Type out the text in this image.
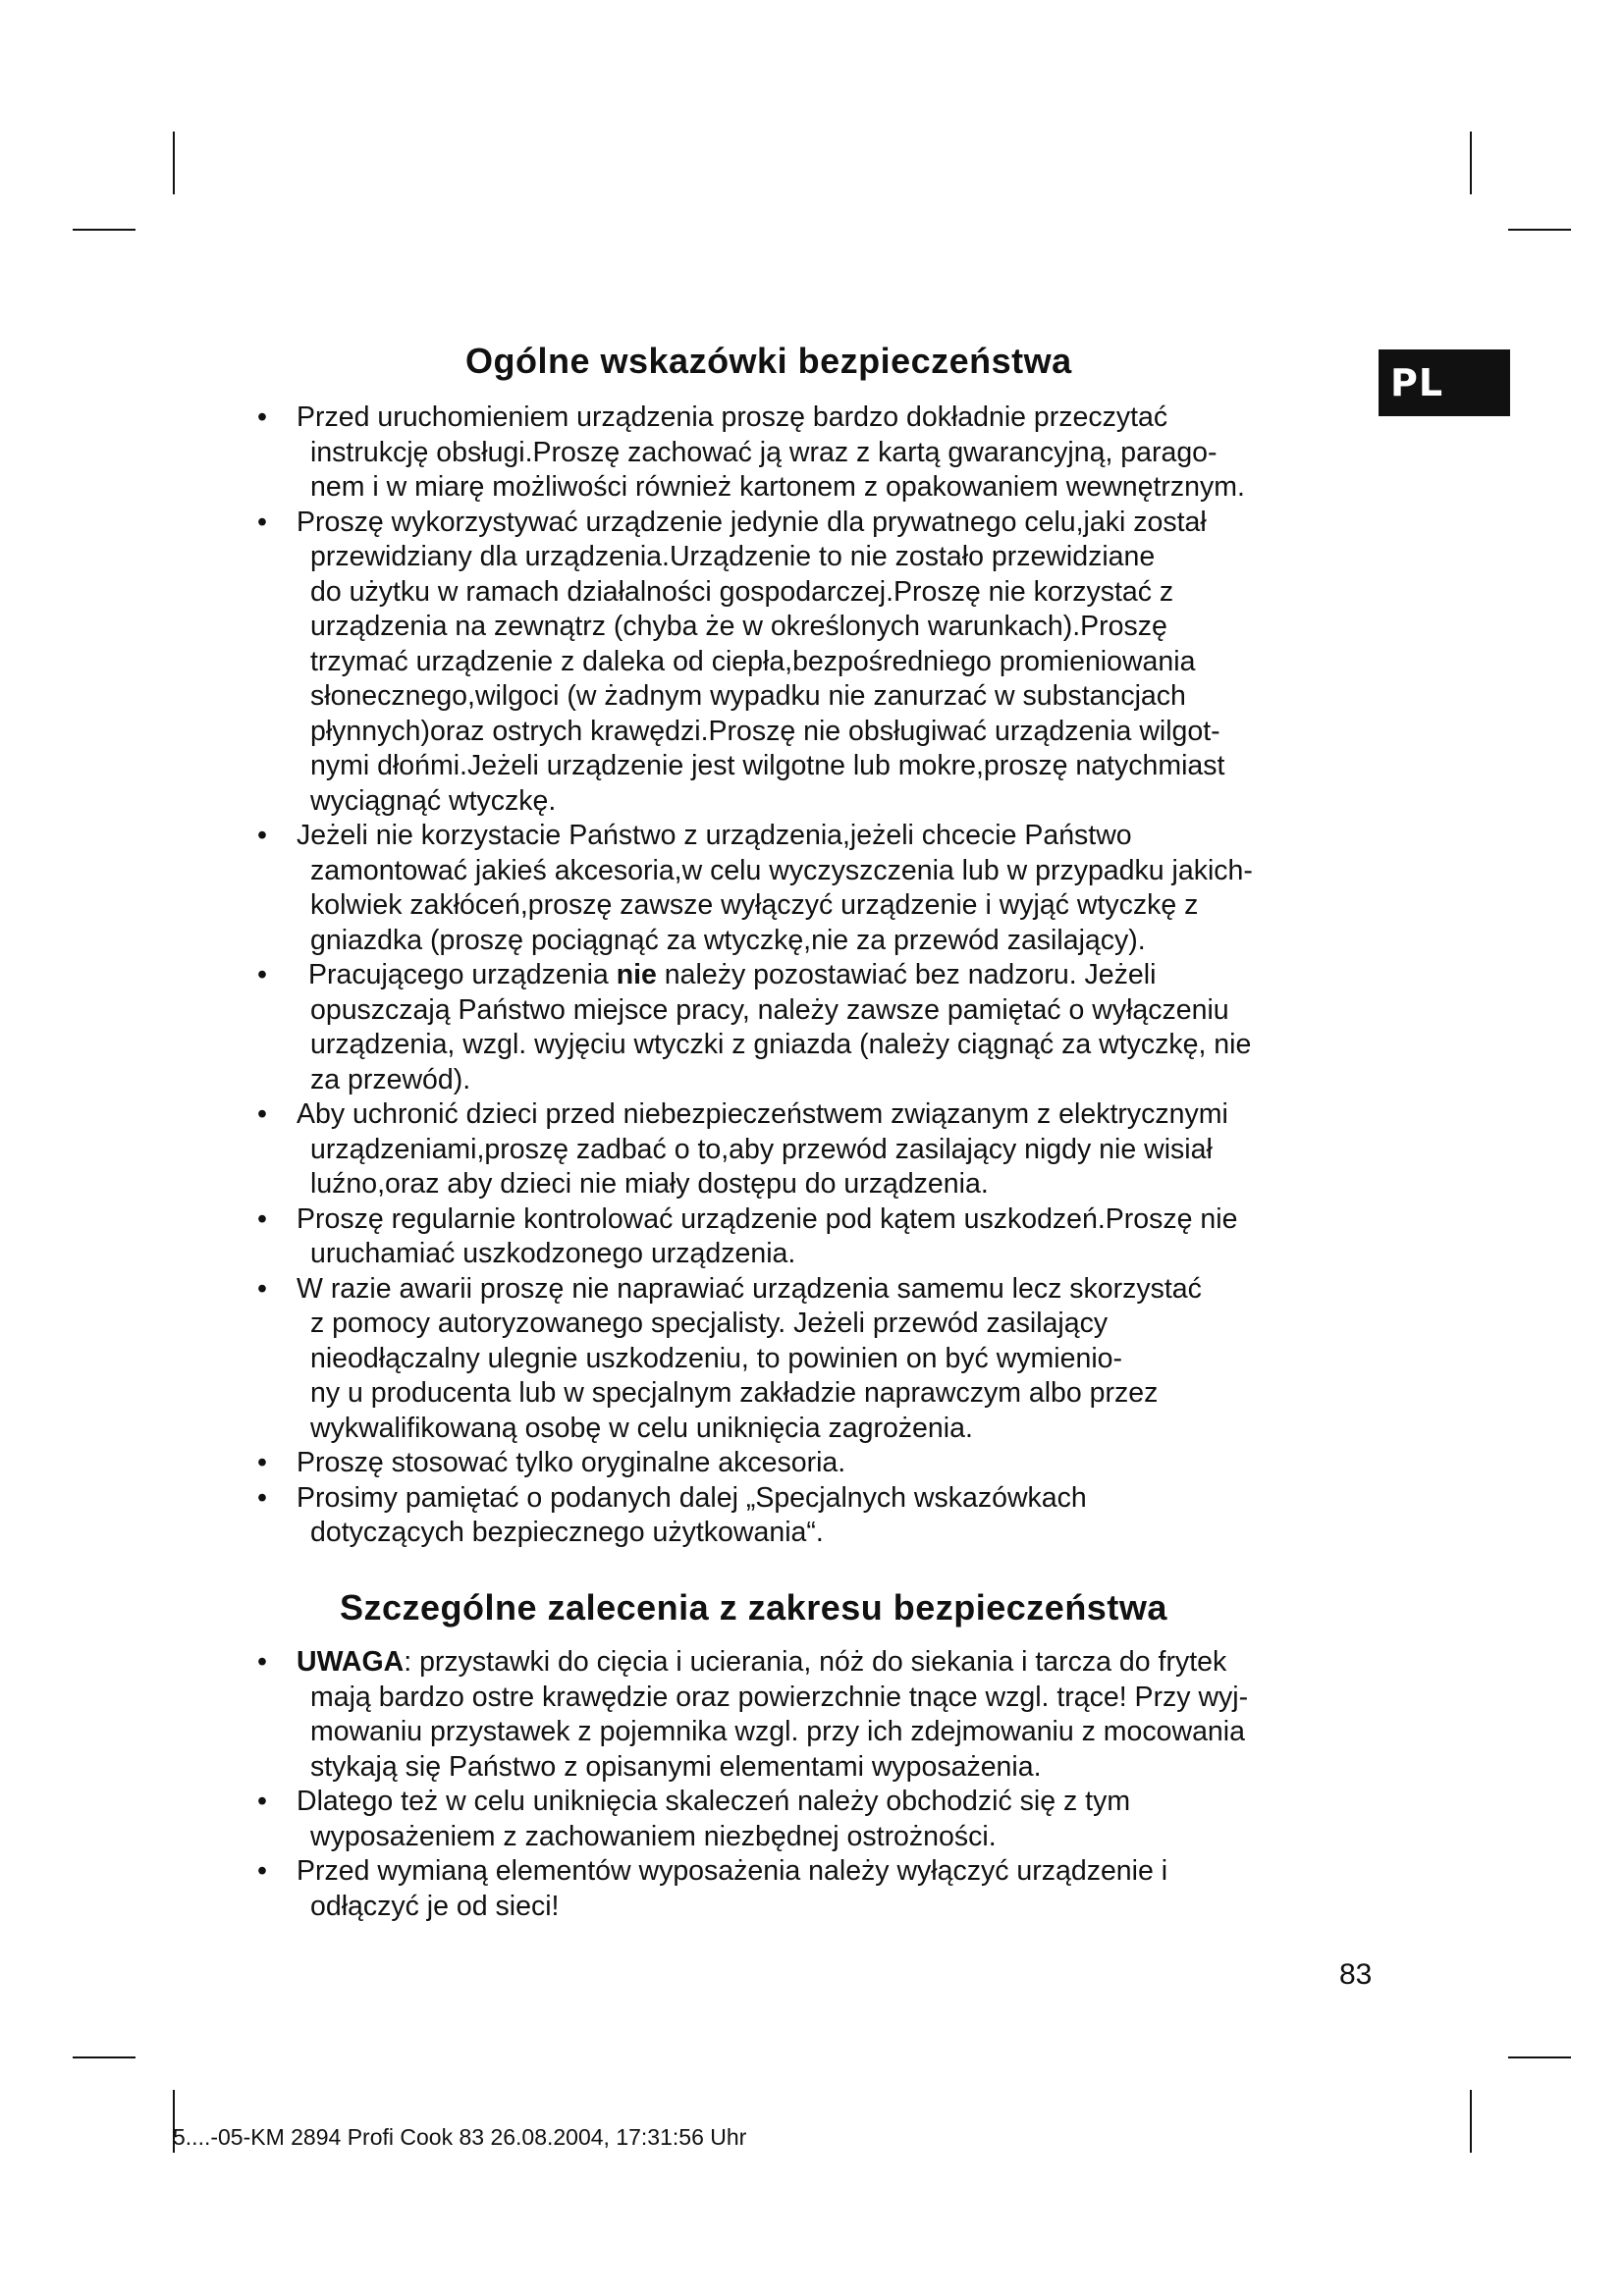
PL
Ogólne wskazówki bezpieczeństwa
•	Przed uruchomieniem urządzenia proszę bardzo dokładnie przeczytać
instrukcję obsługi.Proszę zachować ją wraz z kartą gwarancyjną, parago-
nem i w miarę możliwości również kartonem z opakowaniem wewnętrznym.
•	Proszę wykorzystywać urządzenie jedynie dla prywatnego celu,jaki został
przewidziany dla urządzenia.Urządzenie to nie zostało przewidziane
do użytku w ramach działalności gospodarczej.Proszę nie korzystać z
urządzenia na zewnątrz (chyba że w określonych warunkach).Proszę
trzymać urządzenie z daleka od ciepła,bezpośredniego promieniowania
słonecznego,wilgoci (w żadnym wypadku nie zanurzać w substancjach
płynnych)oraz ostrych krawędzi.Proszę nie obsługiwać urządzenia wilgot-
nymi dłońmi.Jeżeli urządzenie jest wilgotne lub mokre,proszę natychmiast
wyciągnąć wtyczkę.
•	Jeżeli nie korzystacie Państwo z urządzenia,jeżeli chcecie Państwo
zamontować jakieś akcesoria,w celu wyczyszczenia lub w przypadku jakich-
kolwiek zakłóceń,proszę zawsze wyłączyć urządzenie i wyjąć wtyczkę z
gniazdka (proszę pociągnąć za wtyczkę,nie za przewód zasilający).
•	Pracującego urządzenia nie należy pozostawiać bez nadzoru. Jeżeli
opuszczają Państwo miejsce pracy, należy zawsze pamiętać o wyłączeniu
urządzenia, wzgl. wyjęciu wtyczki z gniazda (należy ciągnąć za wtyczkę, nie
za przewód).
•	Aby uchronić dzieci przed niebezpieczeństwem związanym z elektrycznymi
urządzeniami,proszę zadbać o to,aby przewód zasilający nigdy nie wisiał
luźno,oraz aby dzieci nie miały dostępu do urządzenia.
•	Proszę regularnie kontrolować urządzenie pod kątem uszkodzeń.Proszę nie
uruchamiać uszkodzonego urządzenia.
•	W razie awarii proszę nie naprawiać urządzenia samemu lecz skorzystać
z pomocy autoryzowanego specjalisty. Jeżeli przewód zasilający
nieodłączalny ulegnie uszkodzeniu, to powinien on być wymienio-
ny u producenta lub w specjalnym zakładzie naprawczym albo przez
wykwalifikowaną osobę w celu uniknięcia zagrożenia.
•	Proszę stosować tylko oryginalne akcesoria.
•	Prosimy pamiętać o podanych dalej „Specjalnych wskazówkach
dotyczących bezpiecznego użytkowania“.
Szczególne zalecenia z zakresu bezpieczeństwa
•	UWAGA: przystawki do cięcia i ucierania, nóż do siekania i tarcza do frytek
mają bardzo ostre krawędzie oraz powierzchnie tnące wzgl. trące! Przy wyj-
mowaniu przystawek z pojemnika wzgl. przy ich zdejmowaniu z mocowania
stykają się Państwo z opisanymi elementami wyposażenia.
•	Dlatego też w celu uniknięcia skaleczeń należy obchodzić się z tym
wyposażeniem z zachowaniem niezbędnej ostrożności.
•	Przed wymianą elementów wyposażenia należy wyłączyć urządzenie i
odłączyć je od sieci!
83
5....-05-KM 2894 Profi Cook 83 26.08.2004, 17:31:56 Uhr
